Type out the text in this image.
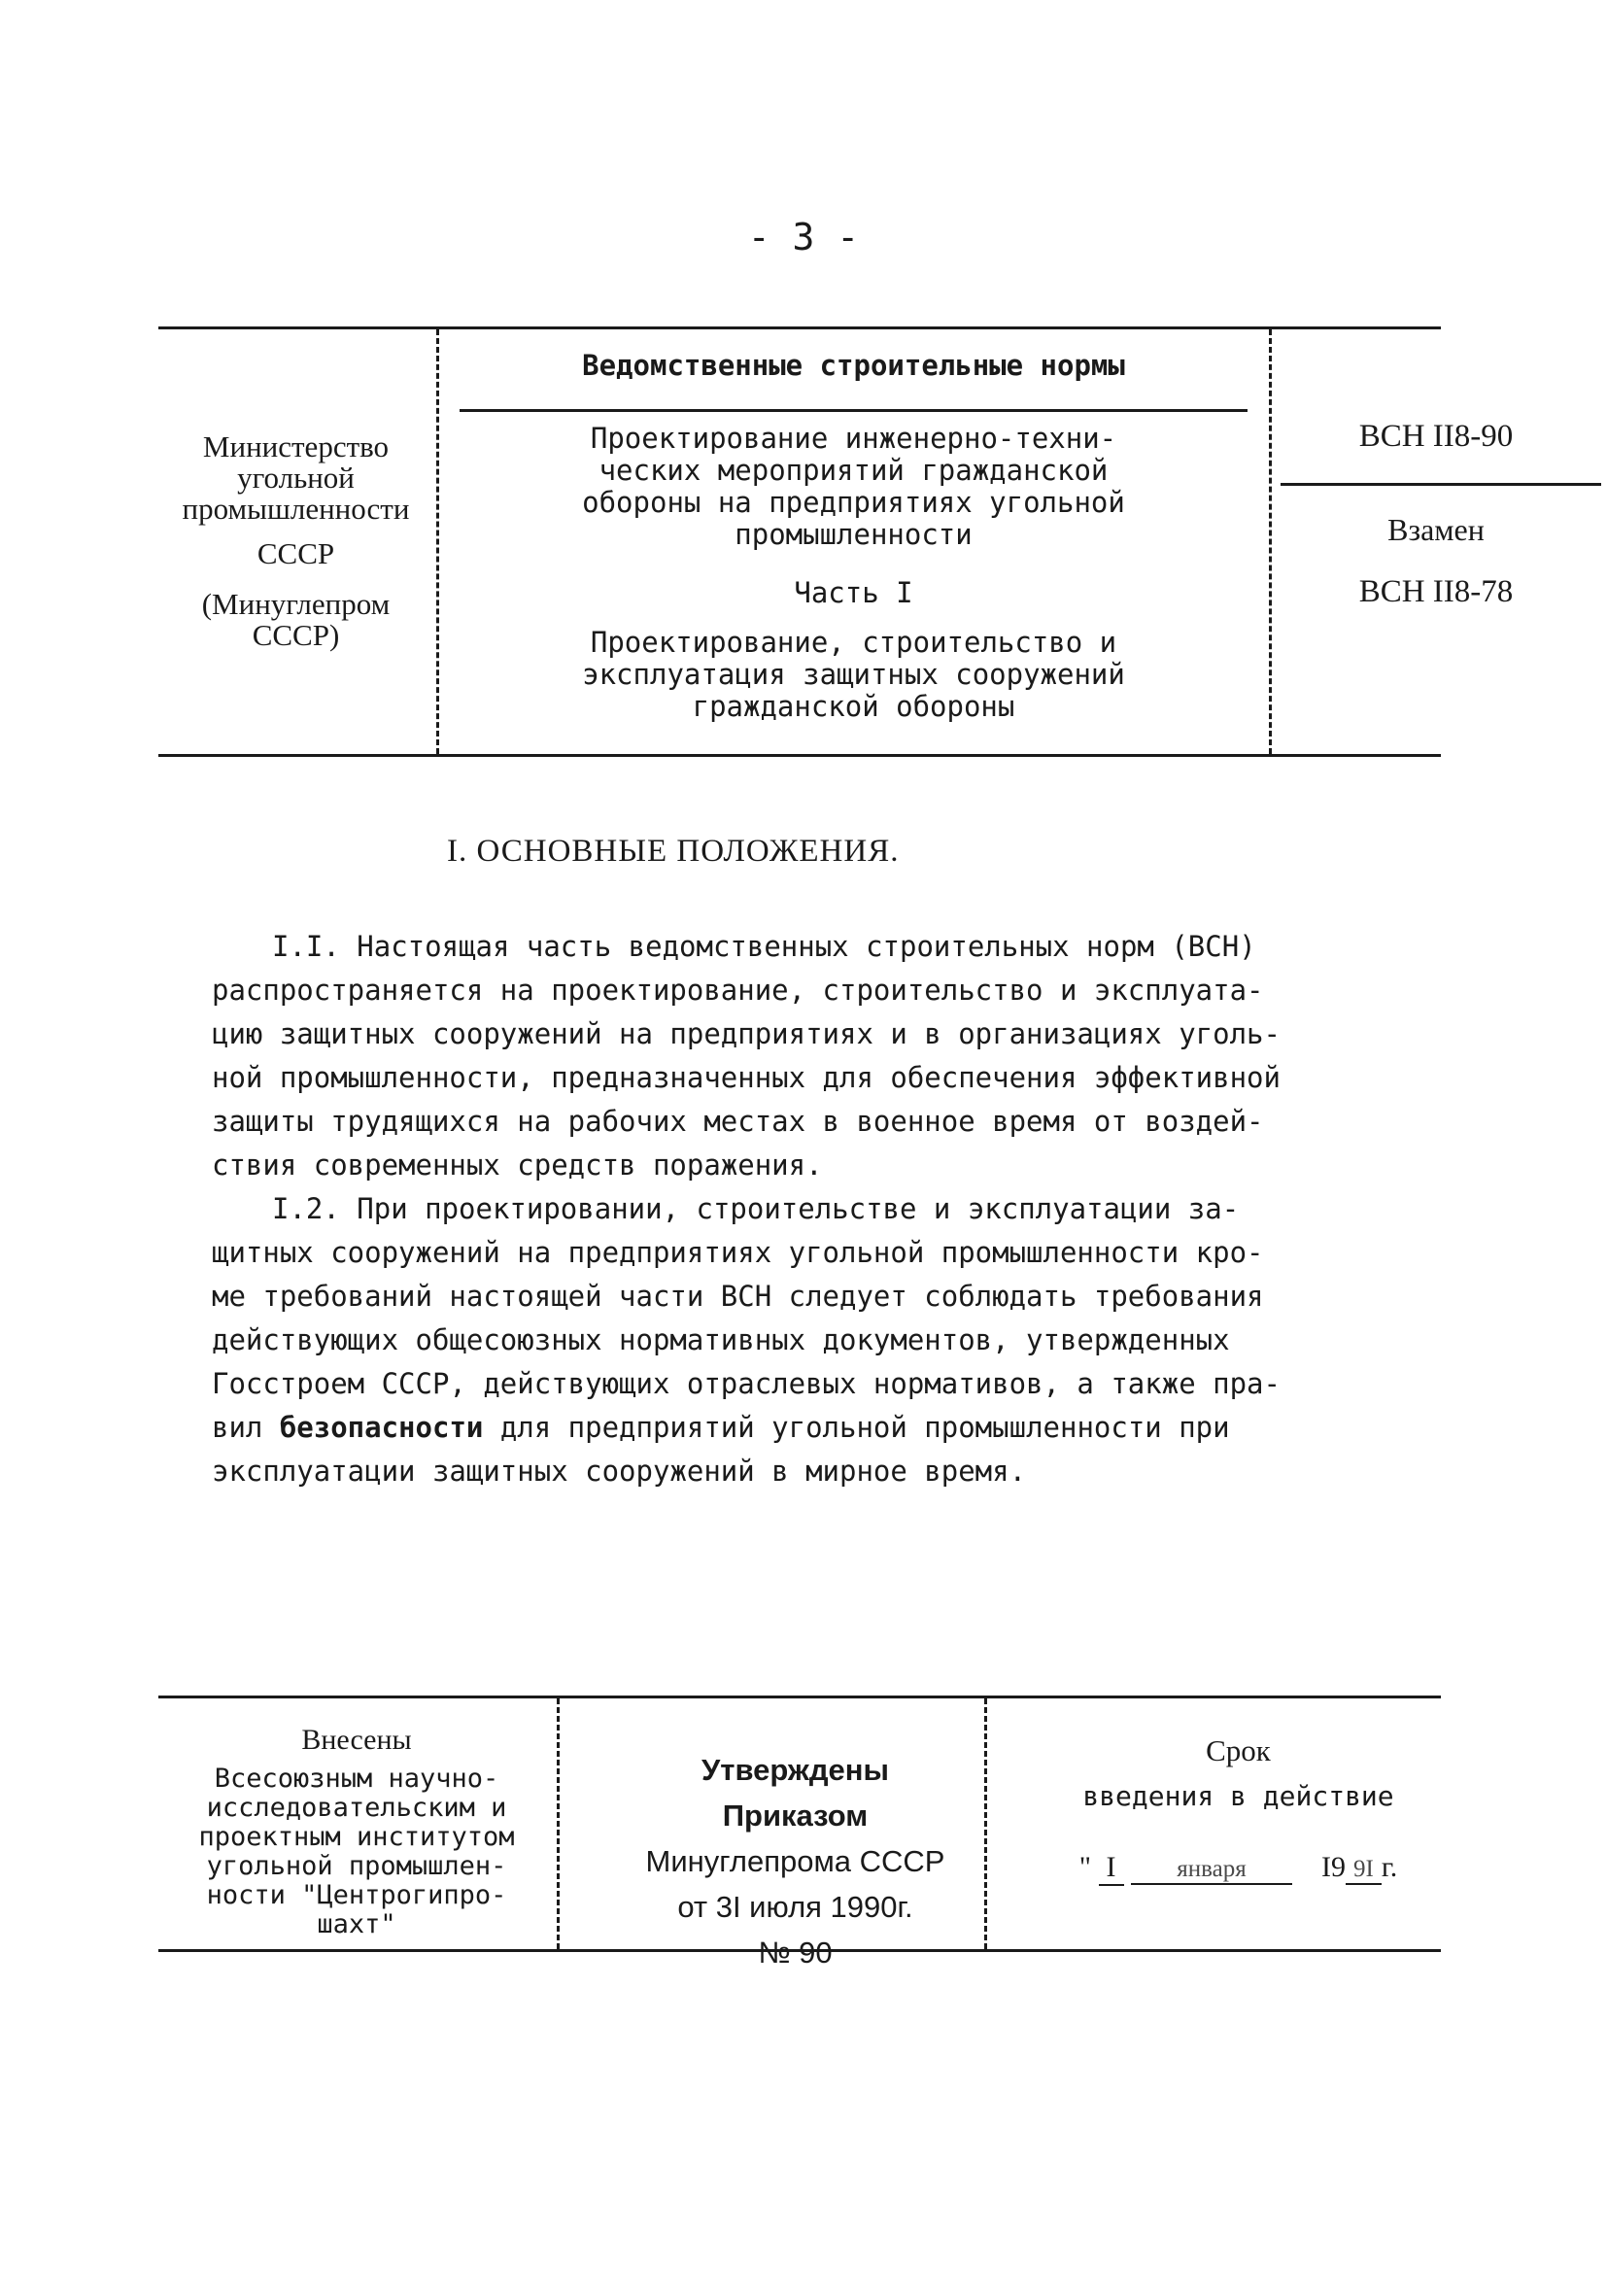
- 3 -
Министерство
угольной
промышленности
СССР
(Минуглепром
СССР)
Ведомственные строительные нормы
Проектирование инженерно-техни-
ческих мероприятий гражданской
обороны на предприятиях угольной
промышленности
Часть I
Проектирование, строительство и
эксплуатация защитных сооружений
гражданской обороны
ВСН II8-90
Взамен
ВСН II8-78
I. ОСНОВНЫЕ ПОЛОЖЕНИЯ.

I.I. Настоящая часть ведомственных строительных норм (ВСН)
распространяется на проектирование, строительство и эксплуата-
цию защитных сооружений на предприятиях и в организациях уголь-
ной промышленности, предназначенных для обеспечения эффективной
защиты трудящихся на рабочих местах в военное время от воздей-
ствия современных средств поражения.

I.2. При проектировании, строительстве и эксплуатации за-
щитных сооружений на предприятиях угольной промышленности кро-
ме требований настоящей части ВСН следует соблюдать требования
действующих общесоюзных нормативных документов, утвержденных
Госстроем СССР, действующих отраслевых нормативов, а также пра-
вил безопасности для предприятий угольной промышленности при
эксплуатации защитных сооружений в мирное время.

Внесены
Всесоюзным научно-
исследовательским и
проектным институтом
угольной промышлен-
ности "Центрогипро-
шахт"
Утверждены
Приказом
Минуглепрома СССР
от 3I июля 1990г.
№ 90
Срок
введения в действие
" I	января	I9 9I г.
